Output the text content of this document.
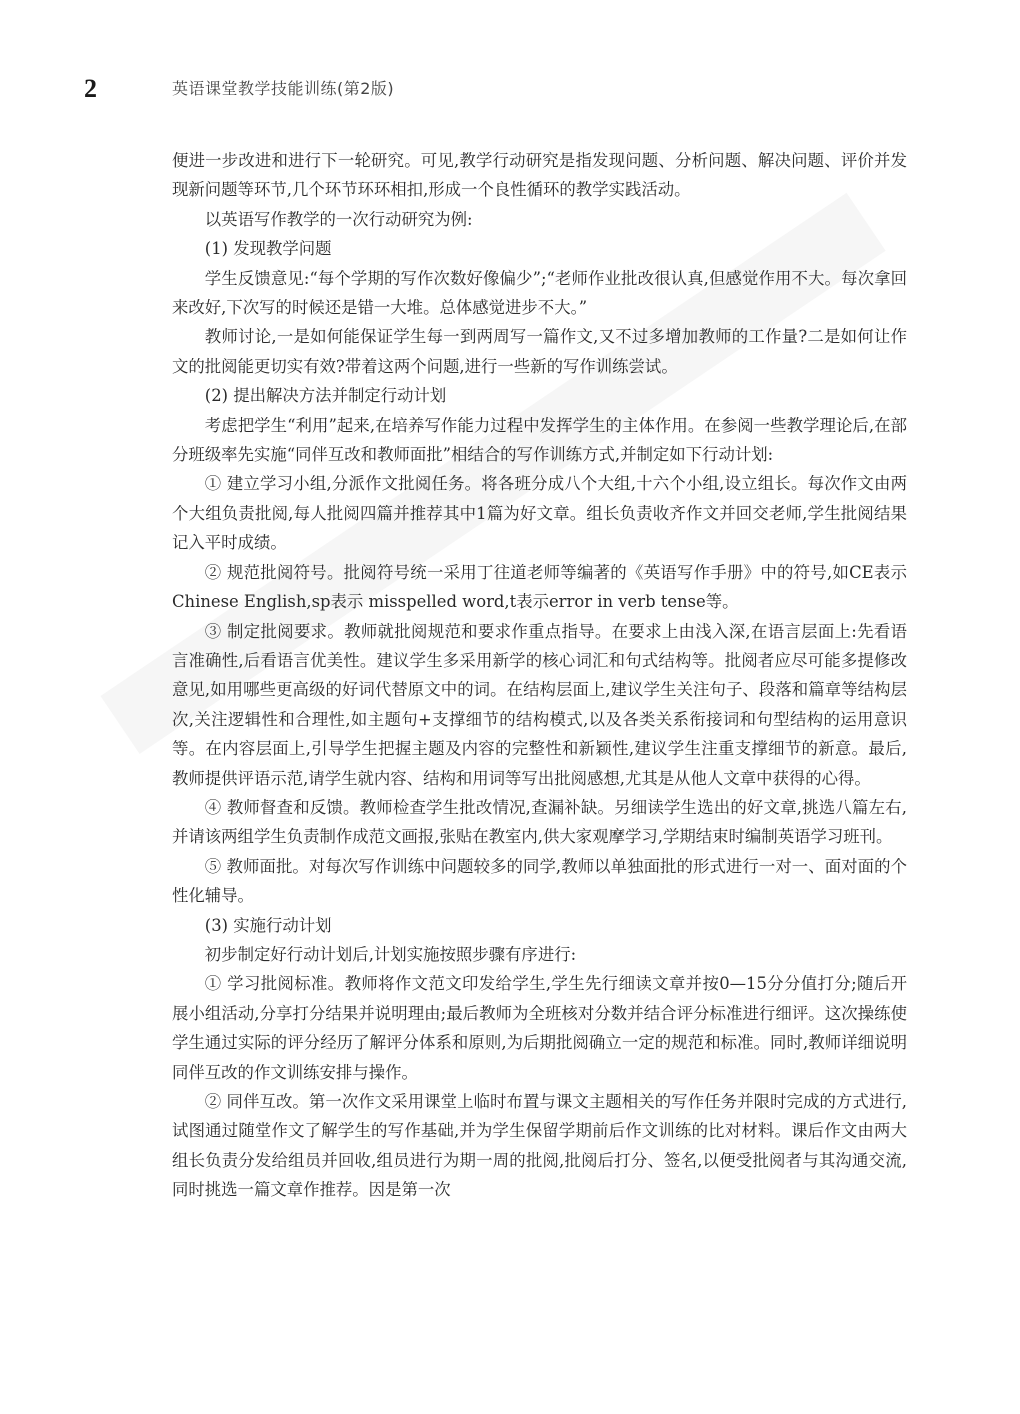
2	英语课堂教学技能训练(第2版)

便进一步改进和进行下一轮研究。可见,教学行动研究是指发现问题、分析问题、解决问题、评价并发现新问题等环节,几个环节环环相扣,形成一个良性循环的教学实践活动。

以英语写作教学的一次行动研究为例:

(1) 发现教学问题

学生反馈意见:“每个学期的写作次数好像偏少”;“老师作业批改很认真,但感觉作用不大。每次拿回来改好,下次写的时候还是错一大堆。总体感觉进步不大。”

教师讨论,一是如何能保证学生每一到两周写一篇作文,又不过多增加教师的工作量?二是如何让作文的批阅能更切实有效?带着这两个问题,进行一些新的写作训练尝试。

(2) 提出解决方法并制定行动计划

考虑把学生“利用”起来,在培养写作能力过程中发挥学生的主体作用。在参阅一些教学理论后,在部分班级率先实施“同伴互改和教师面批”相结合的写作训练方式,并制定如下行动计划:

① 建立学习小组,分派作文批阅任务。将各班分成八个大组,十六个小组,设立组长。每次作文由两个大组负责批阅,每人批阅四篇并推荐其中1篇为好文章。组长负责收齐作文并回交老师,学生批阅结果记入平时成绩。

② 规范批阅符号。批阅符号统一采用丁往道老师等编著的《英语写作手册》中的符号,如CE表示Chinese English,sp表示 misspelled word,t表示error in verb tense等。

③ 制定批阅要求。教师就批阅规范和要求作重点指导。在要求上由浅入深,在语言层面上:先看语言准确性,后看语言优美性。建议学生多采用新学的核心词汇和句式结构等。批阅者应尽可能多提修改意见,如用哪些更高级的好词代替原文中的词。在结构层面上,建议学生关注句子、段落和篇章等结构层次,关注逻辑性和合理性,如主题句+支撑细节的结构模式,以及各类关系衔接词和句型结构的运用意识等。在内容层面上,引导学生把握主题及内容的完整性和新颖性,建议学生注重支撑细节的新意。最后,教师提供评语示范,请学生就内容、结构和用词等写出批阅感想,尤其是从他人文章中获得的心得。

④ 教师督查和反馈。教师检查学生批改情况,查漏补缺。另细读学生选出的好文章,挑选八篇左右,并请该两组学生负责制作成范文画报,张贴在教室内,供大家观摩学习,学期结束时编制英语学习班刊。

⑤ 教师面批。对每次写作训练中问题较多的同学,教师以单独面批的形式进行一对一、面对面的个性化辅导。

(3) 实施行动计划

初步制定好行动计划后,计划实施按照步骤有序进行:

① 学习批阅标准。教师将作文范文印发给学生,学生先行细读文章并按0—15分分值打分;随后开展小组活动,分享打分结果并说明理由;最后教师为全班核对分数并结合评分标准进行细评。这次操练使学生通过实际的评分经历了解评分体系和原则,为后期批阅确立一定的规范和标准。同时,教师详细说明同伴互改的作文训练安排与操作。

② 同伴互改。第一次作文采用课堂上临时布置与课文主题相关的写作任务并限时完成的方式进行,试图通过随堂作文了解学生的写作基础,并为学生保留学期前后作文训练的比对材料。课后作文由两大组长负责分发给组员并回收,组员进行为期一周的批阅,批阅后打分、签名,以便受批阅者与其沟通交流,同时挑选一篇文章作推荐。因是第一次
